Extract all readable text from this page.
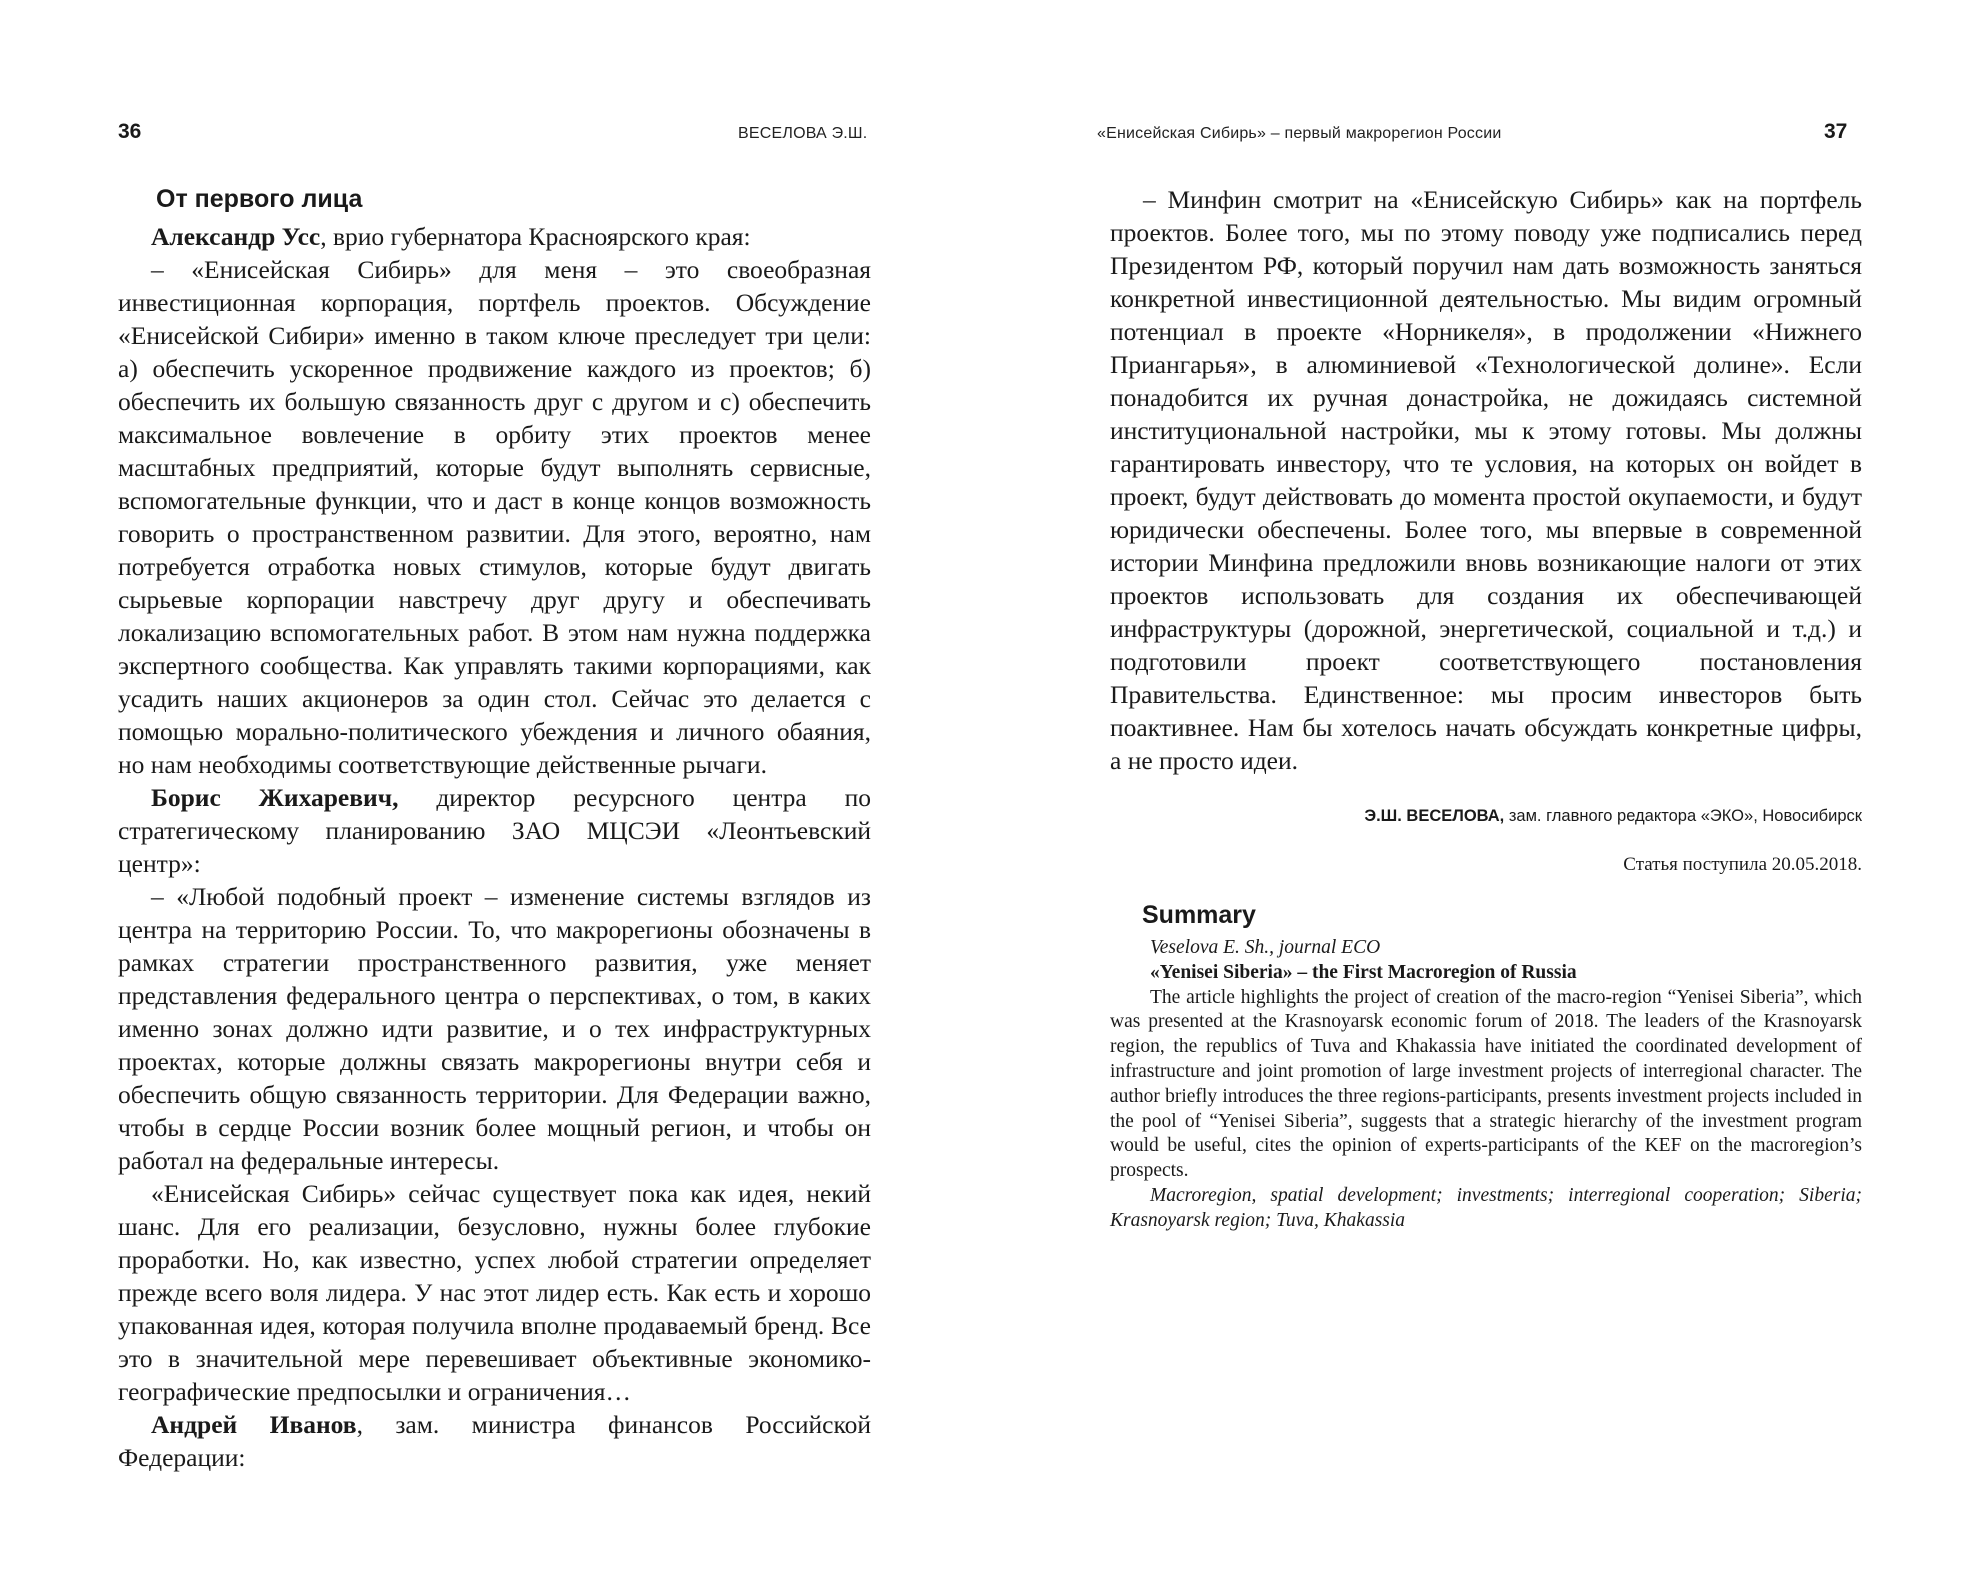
36	ВЕСЕЛОВА Э.Ш.
От первого лица

Александр Усс, врио губернатора Красноярского края:

– «Енисейская Сибирь» для меня – это своеобразная инвестиционная корпорация, портфель проектов. Обсуждение «Енисейской Сибири» именно в таком ключе преследует три цели: а) обеспечить ускоренное продвижение каждого из проектов; б) обеспечить их большую связанность друг с другом и с) обеспечить максимальное вовлечение в орбиту этих проектов менее масштабных предприятий, которые будут выполнять сервисные, вспомогательные функции, что и даст в конце концов возможность говорить о пространственном развитии. Для этого, вероятно, нам потребуется отработка новых стимулов, которые будут двигать сырьевые корпорации навстречу друг другу и обеспечивать локализацию вспомогательных работ. В этом нам нужна поддержка экспертного сообщества. Как управлять такими корпорациями, как усадить наших акционеров за один стол. Сейчас это делается с помощью морально-политического убеждения и личного обаяния, но нам необходимы соответствующие действенные рычаги.

Борис Жихаревич, директор ресурсного центра по стратегическому планированию ЗАО МЦСЭИ «Леонтьевский центр»:

– «Любой подобный проект – изменение системы взглядов из центра на территорию России. То, что макрорегионы обозначены в рамках стратегии пространственного развития, уже меняет представления федерального центра о перспективах, о том, в каких именно зонах должно идти развитие, и о тех инфраструктурных проектах, которые должны связать макрорегионы внутри себя и обеспечить общую связанность территории. Для Федерации важно, чтобы в сердце России возник более мощный регион, и чтобы он работал на федеральные интересы.

«Енисейская Сибирь» сейчас существует пока как идея, некий шанс. Для его реализации, безусловно, нужны более глубокие проработки. Но, как известно, успех любой стратегии определяет прежде всего воля лидера. У нас этот лидер есть. Как есть и хорошо упакованная идея, которая получила вполне продаваемый бренд. Все это в значительной мере перевешивает объективные экономико-географические предпосылки и ограничения…

Андрей Иванов, зам. министра финансов Российской Федерации:

«Енисейская Сибирь» – первый макрорегион России	37

– Минфин смотрит на «Енисейскую Сибирь» как на портфель проектов. Более того, мы по этому поводу уже подписались перед Президентом РФ, который поручил нам дать возможность заняться конкретной инвестиционной деятельностью. Мы видим огромный потенциал в проекте «Норникеля», в продолжении «Нижнего Приангарья», в алюминиевой «Технологической долине». Если понадобится их ручная донастройка, не дожидаясь системной институциональной настройки, мы к этому готовы. Мы должны гарантировать инвестору, что те условия, на которых он войдет в проект, будут действовать до момента простой окупаемости, и будут юридически обеспечены. Более того, мы впервые в современной истории Минфина предложили вновь возникающие налоги от этих проектов использовать для создания их обеспечивающей инфраструктуры (дорожной, энергетической, социальной и т.д.) и подготовили проект соответствующего постановления Правительства. Единственное: мы просим инвесторов быть поактивнее. Нам бы хотелось начать обсуждать конкретные цифры, а не просто идеи.

Э.Ш. ВЕСЕЛОВА, зам. главного редактора «ЭКО», Новосибирск
Статья поступила 20.05.2018.
Summary

Veselova E. Sh., journal ECO

«Yenisei Siberia» – the First Macroregion of Russia

The article highlights the project of creation of the macro-region “Yenisei Siberia”, which was presented at the Krasnoyarsk economic forum of 2018. The leaders of the Krasnoyarsk region, the republics of Tuva and Khakassia have initiated the coordinated development of infrastructure and joint promotion of large investment projects of interregional character. The author briefly introduces the three regions-participants, presents investment projects included in the pool of “Yenisei Siberia”, suggests that a strategic hierarchy of the investment program would be useful, cites the opinion of experts-participants of the KEF on the macroregion’s prospects.

Macroregion, spatial development; investments; interregional cooperation; Siberia; Krasnoyarsk region; Tuva, Khakassia
